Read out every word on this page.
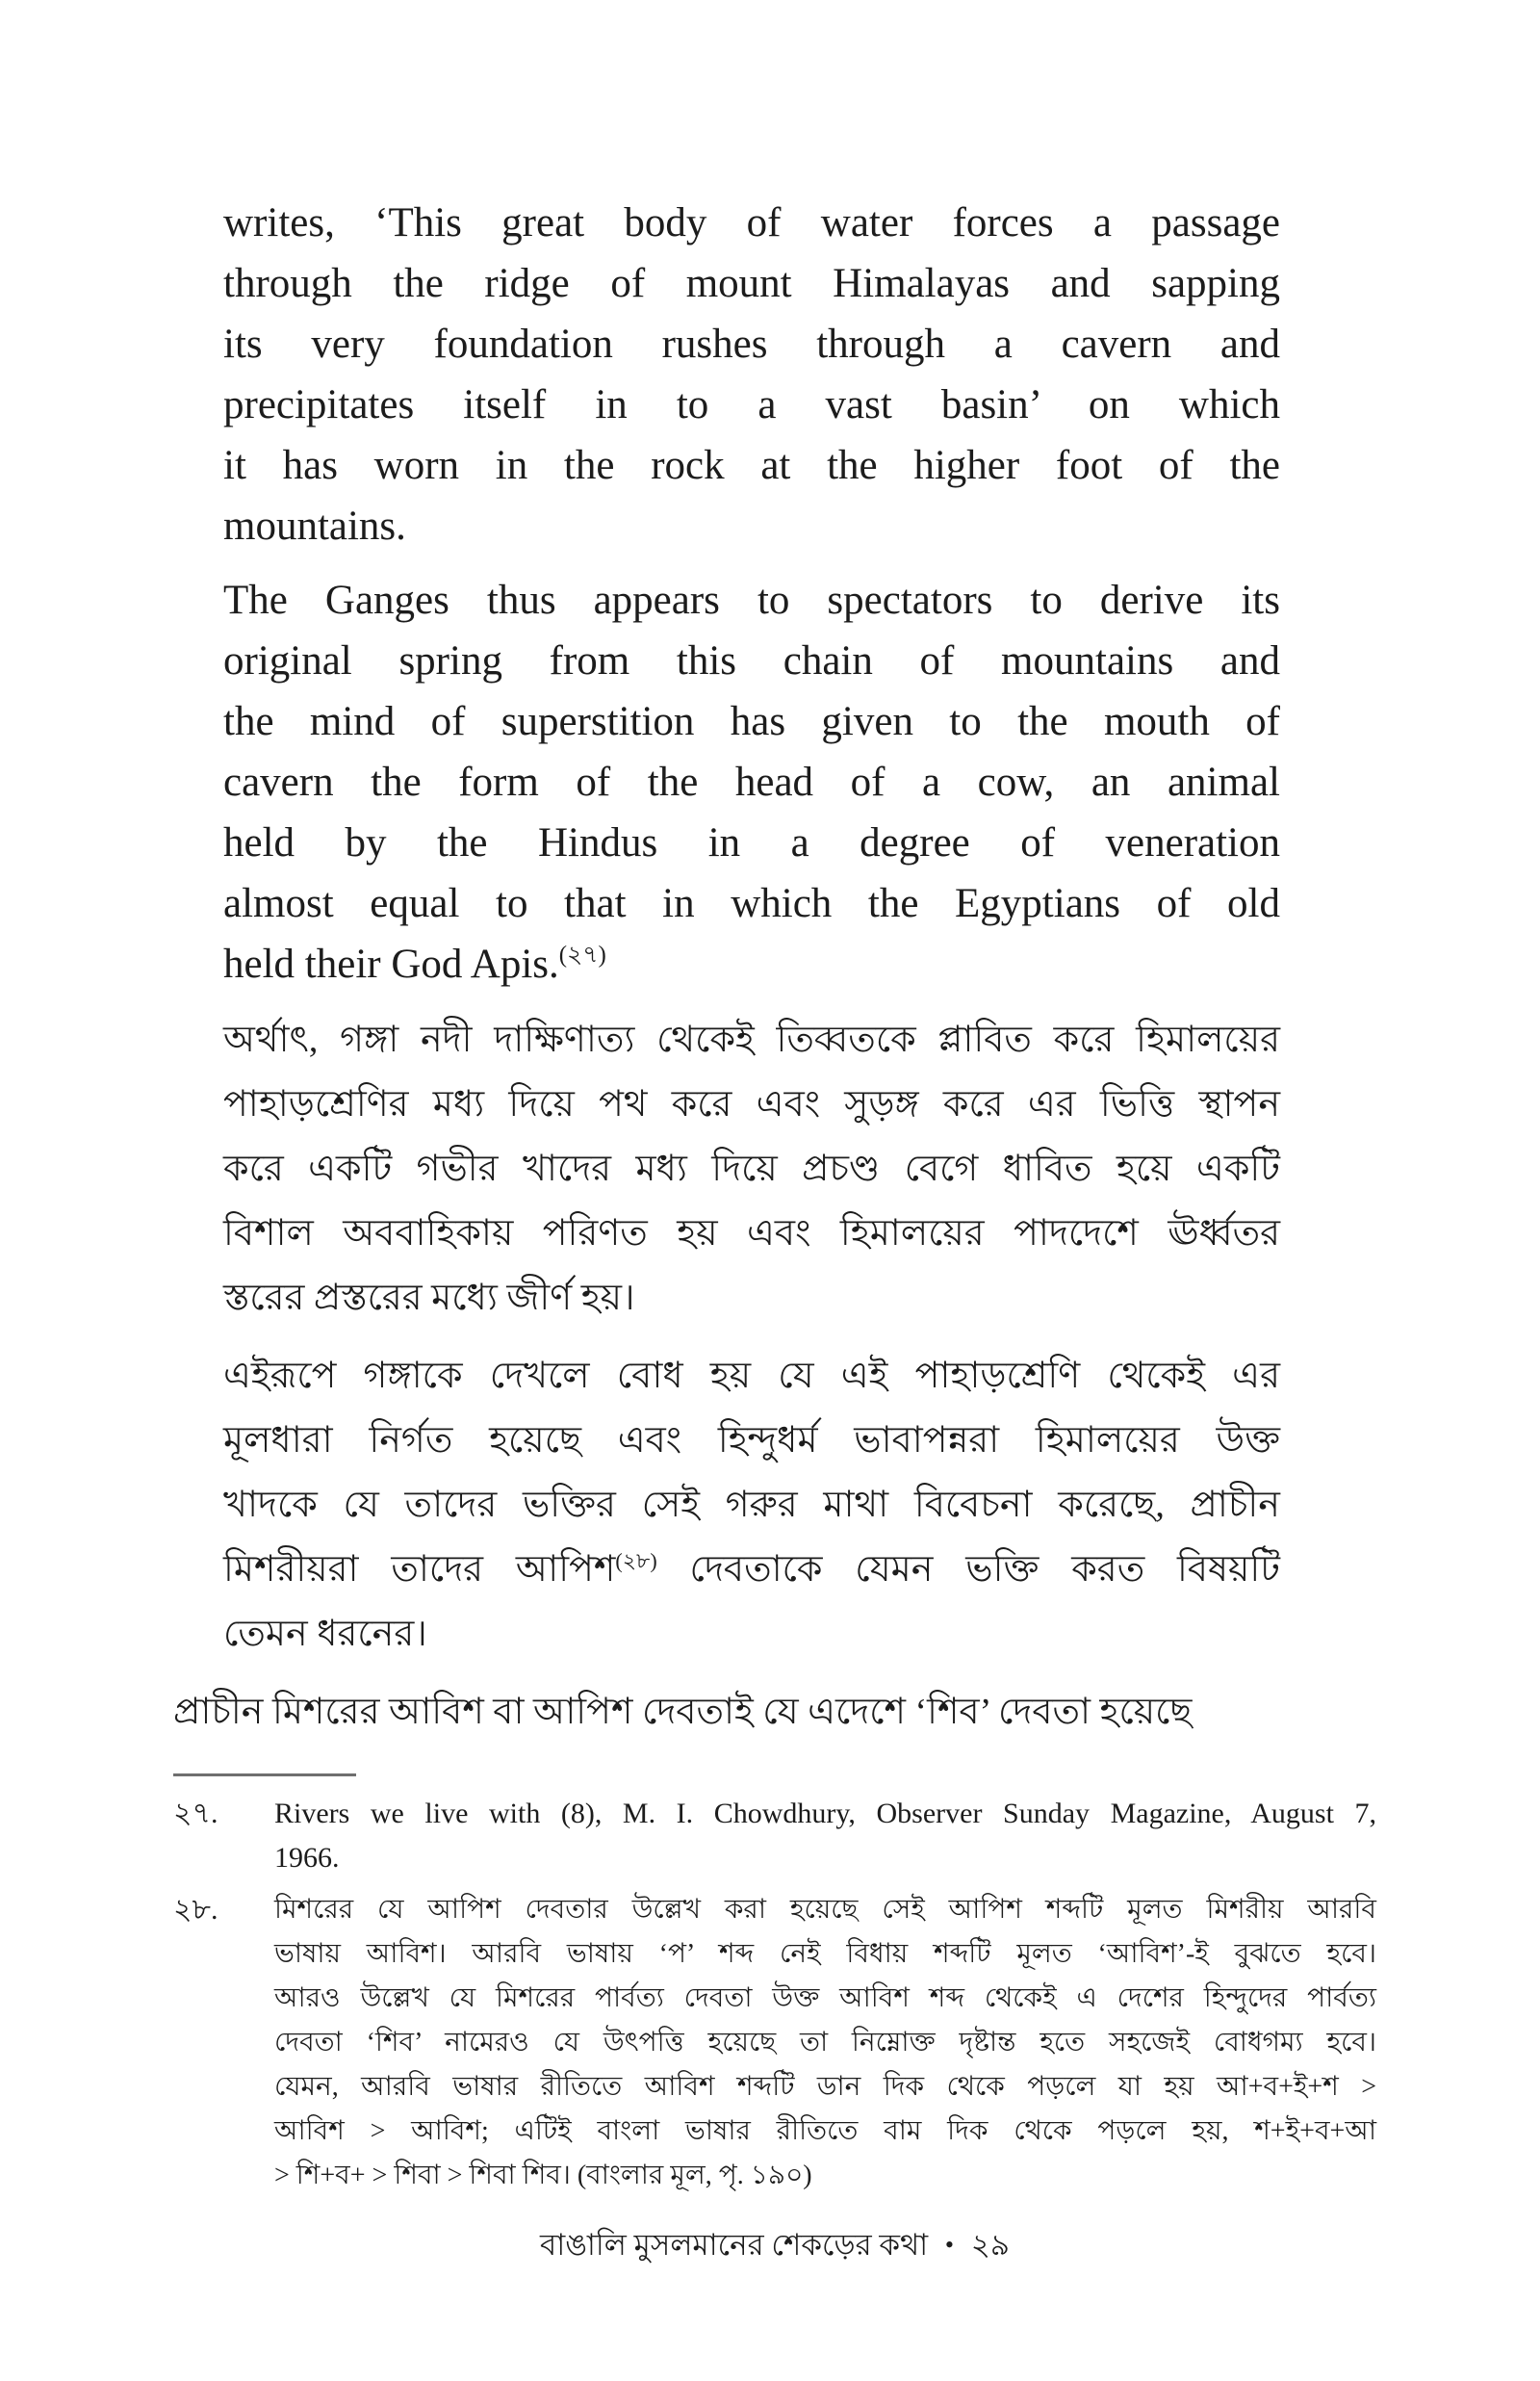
writes, ‘This great body of water forces a passage
through the ridge of mount Himalayas and sapping
its very foundation rushes through a cavern and
precipitates itself in to a vast basin’ on which
it has worn in the rock at the higher foot of the
mountains.
The Ganges thus appears to spectators to derive its
original spring from this chain of mountains and
the mind of superstition has given to the mouth of
cavern the form of the head of a cow, an animal
held by the Hindus in a degree of veneration
almost equal to that in which the Egyptians of old
held their God Apis.$^{(২৭)}$
অর্থাৎ, গঙ্গা নদী দাক্ষিণাত্য থেকেই তিব্বতকে প্লাবিত করে হিমালয়ের
পাহাড়শ্রেণির মধ্য দিয়ে পথ করে এবং সুড়ঙ্গ করে এর ভিত্তি স্থাপন
করে একটি গভীর খাদের মধ্য দিয়ে প্রচণ্ড বেগে ধাবিত হয়ে একটি
বিশাল অববাহিকায় পরিণত হয় এবং হিমালয়ের পাদদেশে ঊর্ধ্বতর
স্তরের প্রস্তরের মধ্যে জীর্ণ হয়।
এইরূপে গঙ্গাকে দেখলে বোধ হয় যে এই পাহাড়শ্রেণি থেকেই এর
মূলধারা নির্গত হয়েছে এবং হিন্দুধর্ম ভাবাপন্নরা হিমালয়ের উক্ত
খাদকে যে তাদের ভক্তির সেই গরুর মাথা বিবেচনা করেছে, প্রাচীন
মিশরীয়রা তাদের আপিশ$^{(২৮)}$ দেবতাকে যেমন ভক্তি করত বিষয়টি
তেমন ধরনের।
প্রাচীন মিশরের আবিশ বা আপিশ দেবতাই যে এদেশে ‘শিব’ দেবতা হয়েছে
২৭.	Rivers we live with (8), M. I. Chowdhury, Observer Sunday Magazine, August 7,
1966.
২৮.	মিশরের যে আপিশ দেবতার উল্লেখ করা হয়েছে সেই আপিশ শব্দটি মূলত মিশরীয় আরবি
ভাষায় আবিশ। আরবি ভাষায় ‘প’ শব্দ নেই বিধায় শব্দটি মূলত ‘আবিশ’-ই বুঝতে হবে।
আরও উল্লেখ যে মিশরের পার্বত্য দেবতা উক্ত আবিশ শব্দ থেকেই এ দেশের হিন্দুদের পার্বত্য
দেবতা ‘শিব’ নামেরও যে উৎপত্তি হয়েছে তা নিম্নোক্ত দৃষ্টান্ত হতে সহজেই বোধগম্য হবে।
যেমন, আরবি ভাষার রীতিতে আবিশ শব্দটি ডান দিক থেকে পড়লে যা হয় আ+ব+ই+শ >
আবিশ > আবিশ; এটিই বাংলা ভাষার রীতিতে বাম দিক থেকে পড়লে হয়, শ+ই+ব+আ
> শি+ব+ > শিবা > শিবা শিব। (বাংলার মূল, পৃ. ১৯০)
বাঙালি মুসলমানের শেকড়ের কথা • ২৯
